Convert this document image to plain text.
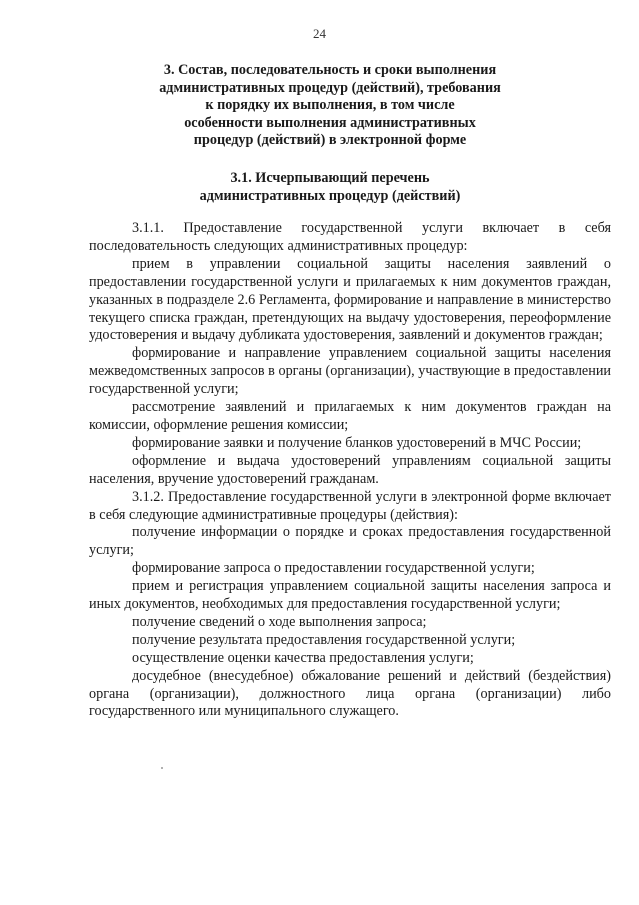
24
3. Состав, последовательность и сроки выполнения
административных процедур (действий), требования
к порядку их выполнения, в том числе
особенности выполнения административных
процедур (действий) в электронной форме
3.1. Исчерпывающий перечень
административных процедур (действий)

3.1.1. Предоставление государственной услуги включает в себя последовательность следующих административных процедур:

прием в управлении социальной защиты населения заявлений о предоставлении государственной услуги и прилагаемых к ним документов граждан, указанных в подразделе 2.6 Регламента, формирование и направление в министерство текущего списка граждан, претендующих на выдачу удостоверения, переоформление удостоверения и выдачу дубликата удостоверения, заявлений и документов граждан;

формирование и направление управлением социальной защиты населения межведомственных запросов в органы (организации), участвующие в предоставлении государственной услуги;

рассмотрение заявлений и прилагаемых к ним документов граждан на комиссии, оформление решения комиссии;

формирование заявки и получение бланков удостоверений в МЧС России;

оформление и выдача удостоверений управлениям социальной защиты населения, вручение удостоверений гражданам.

3.1.2. Предоставление государственной услуги в электронной форме включает в себя следующие административные процедуры (действия):

получение информации о порядке и сроках предоставления государственной услуги;

формирование запроса о предоставлении государственной услуги;

прием и регистрация управлением социальной защиты населения запроса и иных документов, необходимых для предоставления государственной услуги;

получение сведений о ходе выполнения запроса;

получение результата предоставления государственной услуги;

осуществление оценки качества предоставления услуги;

досудебное (внесудебное) обжалование решений и действий (бездействия) органа (организации), должностного лица органа (организации) либо государственного или муниципального служащего.
